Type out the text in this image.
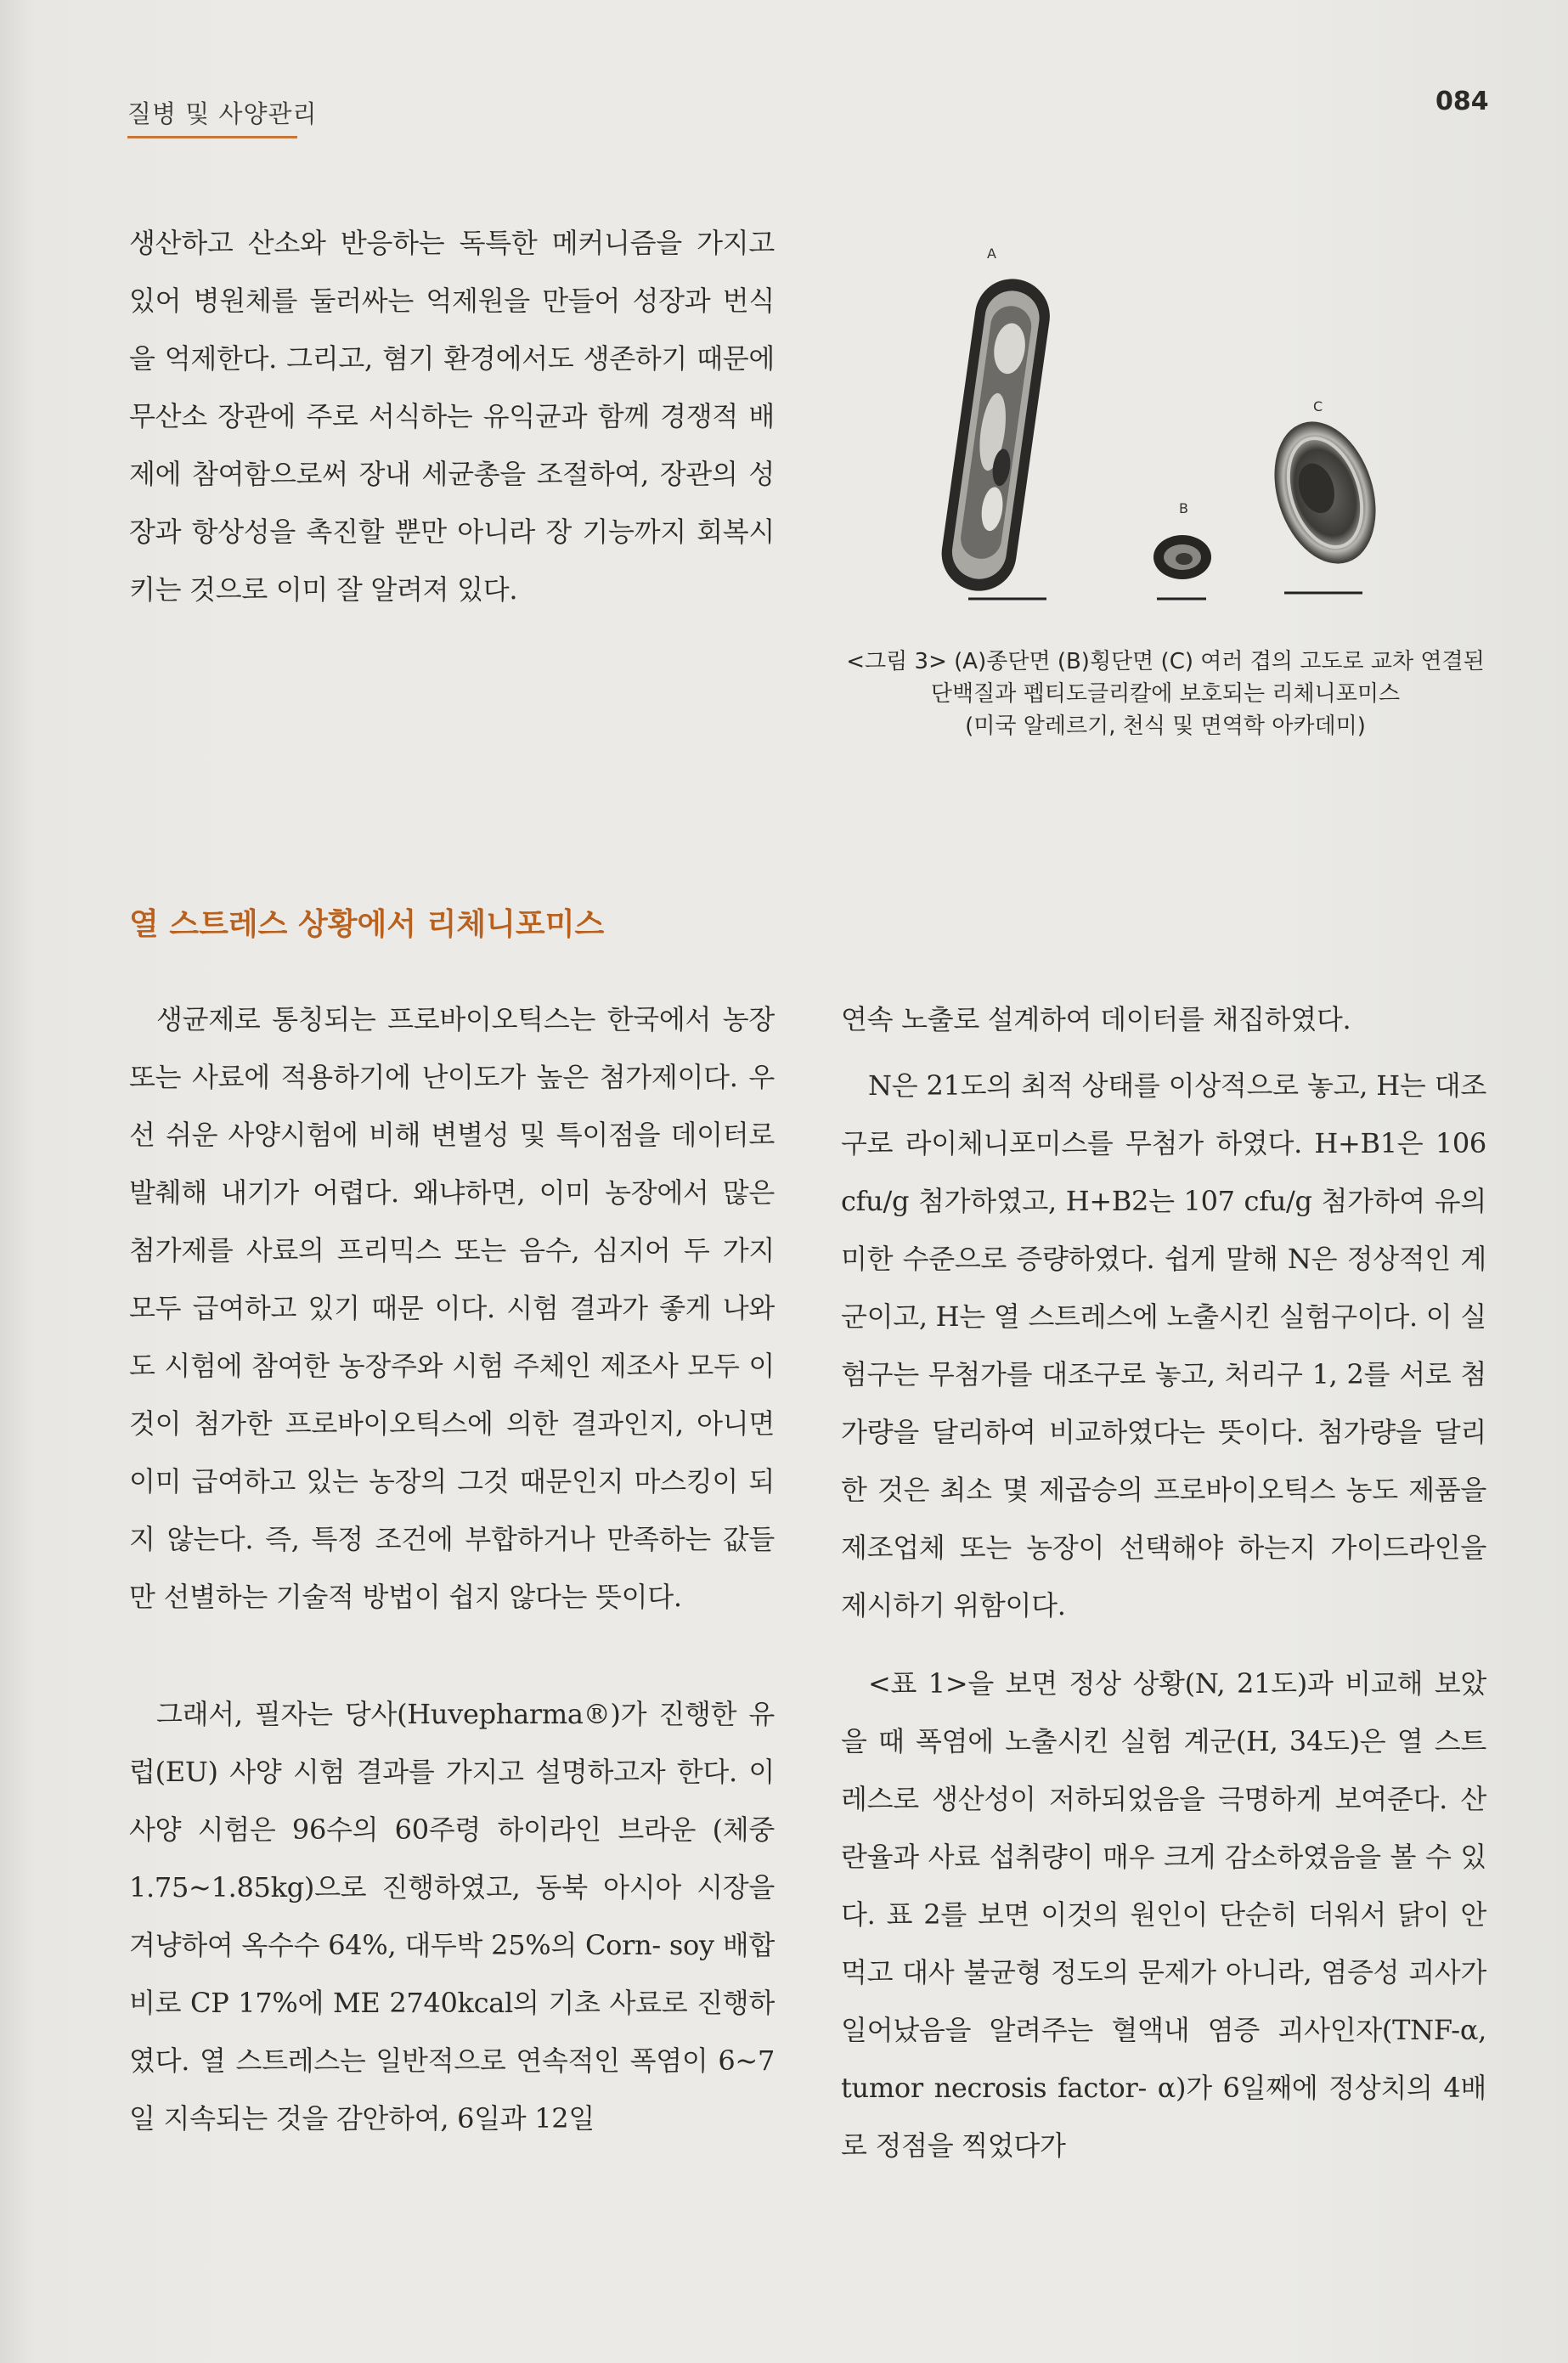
질병 및 사양관리	084

생산하고 산소와 반응하는 독특한 메커니즘을 가지고 있어 병원체를 둘러싸는 억제원을 만들어 성장과 번식을 억제한다. 그리고, 혐기 환경에서도 생존하기 때문에 무산소 장관에 주로 서식하는 유익균과 함께 경쟁적 배제에 참여함으로써 장내 세균총을 조절하여, 장관의 성장과 항상성을 촉진할 뿐만 아니라 장 기능까지 회복시키는 것으로 이미 잘 알려져 있다.

열 스트레스 상황에서 리체니포미스

생균제로 통칭되는 프로바이오틱스는 한국에서 농장 또는 사료에 적용하기에 난이도가 높은 첨가제이다. 우선 쉬운 사양시험에 비해 변별성 및 특이점을 데이터로 발췌해 내기가 어렵다. 왜냐하면, 이미 농장에서 많은 첨가제를 사료의 프리믹스 또는 음수, 심지어 두 가지 모두 급여하고 있기 때문 이다. 시험 결과가 좋게 나와도 시험에 참여한 농장주와 시험 주체인 제조사 모두 이것이 첨가한 프로바이오틱스에 의한 결과인지, 아니면 이미 급여하고 있는 농장의 그것 때문인지 마스킹이 되지 않는다. 즉, 특정 조건에 부합하거나 만족하는 값들만 선별하는 기술적 방법이 쉽지 않다는 뜻이다.

그래서, 필자는 당사(Huvepharma®)가 진행한 유럽(EU) 사양 시험 결과를 가지고 설명하고자 한다. 이 사양 시험은 96수의 60주령 하이라인 브라운 (체중 1.75~1.85kg)으로 진행하였고, 동북 아시아 시장을 겨냥하여 옥수수 64%, 대두박 25%의 Corn- soy 배합비로 CP 17%에 ME 2740kcal의 기초 사료로 진행하였다. 열 스트레스는 일반적으로 연속적인 폭염이 6~7일 지속되는 것을 감안하여, 6일과 12일

A
B
C
<그림 3> (A)종단면 (B)횡단면 (C) 여러 겹의 고도로 교차 연결된
단백질과 펩티도글리칼에 보호되는 리체니포미스
(미국 알레르기, 천식 및 면역학 아카데미)

연속 노출로 설계하여 데이터를 채집하였다.

N은 21도의 최적 상태를 이상적으로 놓고, H는 대조구로 라이체니포미스를 무첨가 하였다. H+B1은 106 cfu/g 첨가하였고, H+B2는 107 cfu/g 첨가하여 유의미한 수준으로 증량하였다. 쉽게 말해 N은 정상적인 계군이고, H는 열 스트레스에 노출시킨 실험구이다. 이 실험구는 무첨가를 대조구로 놓고, 처리구 1, 2를 서로 첨가량을 달리하여 비교하였다는 뜻이다. 첨가량을 달리한 것은 최소 몇 제곱승의 프로바이오틱스 농도 제품을 제조업체 또는 농장이 선택해야 하는지 가이드라인을 제시하기 위함이다.

<표 1>을 보면 정상 상황(N, 21도)과 비교해 보았을 때 폭염에 노출시킨 실험 계군(H, 34도)은 열 스트레스로 생산성이 저하되었음을 극명하게 보여준다. 산란율과 사료 섭취량이 매우 크게 감소하였음을 볼 수 있다. 표 2를 보면 이것의 원인이 단순히 더워서 닭이 안 먹고 대사 불균형 정도의 문제가 아니라, 염증성 괴사가 일어났음을 알려주는 혈액내 염증 괴사인자(TNF-α, tumor necrosis factor- α)가 6일째에 정상치의 4배로 정점을 찍었다가
